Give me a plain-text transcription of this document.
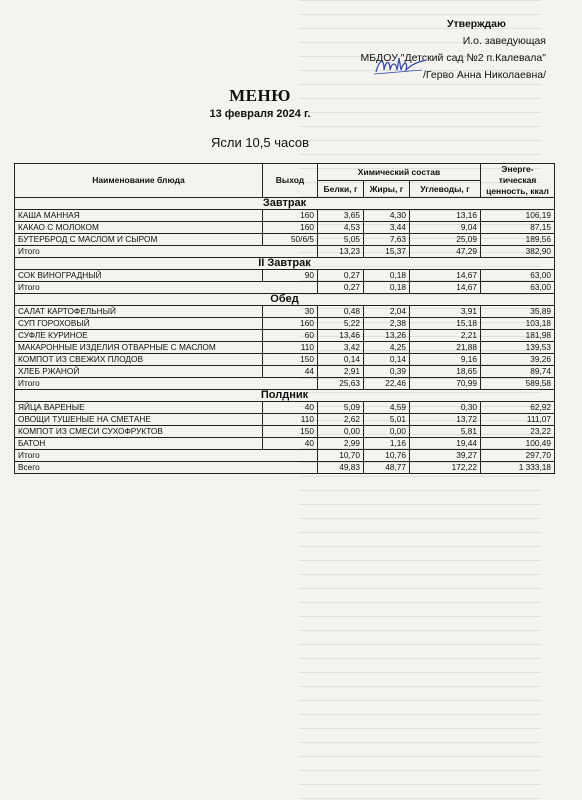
Утверждаю
И.о. заведующая
МБДОУ "Детский сад №2 п.Калевала"
/Гервo Анна Николаевна/
МЕНЮ
13 февраля 2024 г.
Ясли 10,5 часов
Наименование блюда	Выход	Химический состав			Энерге-тическая ценность, ккал
		Белки, г	Жиры, г	Углеводы, г	
Завтрак					
КАША МАННАЯ	160	3,65	4,30	13,16	106,19
КАКАО С МОЛОКОМ	160	4,53	3,44	9,04	87,15
БУТЕРБРОД С МАСЛОМ И СЫРОМ	50/6/5	5,05	7,63	25,09	189,56
Итого		13,23	15,37	47,29	382,90
II Завтрак					
СОК ВИНОГРАДНЫЙ	90	0,27	0,18	14,67	63,00
Итого		0,27	0,18	14,67	63,00
Обед					
САЛАТ КАРТОФЕЛЬНЫЙ	30	0,48	2,04	3,91	35,89
СУП ГОРОХОВЫЙ	160	5,22	2,38	15,18	103,18
СУФЛЕ КУРИНОЕ	60	13,46	13,26	2,21	181,98
МАКАРОННЫЕ ИЗДЕЛИЯ ОТВАРНЫЕ С МАСЛОМ	110	3,42	4,25	21,88	139,53
КОМПОТ ИЗ СВЕЖИХ ПЛОДОВ	150	0,14	0,14	9,16	39,26
ХЛЕБ РЖАНОЙ	44	2,91	0,39	18,65	89,74
Итого		25,63	22,46	70,99	589,58
Полдник					
ЯЙЦА ВАРЕНЫЕ	40	5,09	4,59	0,30	62,92
ОВОЩИ ТУШЕНЫЕ НА СМЕТАНЕ	110	2,62	5,01	13,72	111,07
КОМПОТ ИЗ СМЕСИ СУХОФРУКТОВ	150	0,00	0,00	5,81	23,22
БАТОН	40	2,99	1,16	19,44	100,49
Итого		10,70	10,76	39,27	297,70
Всего		49,83	48,77	172,22	1 333,18
